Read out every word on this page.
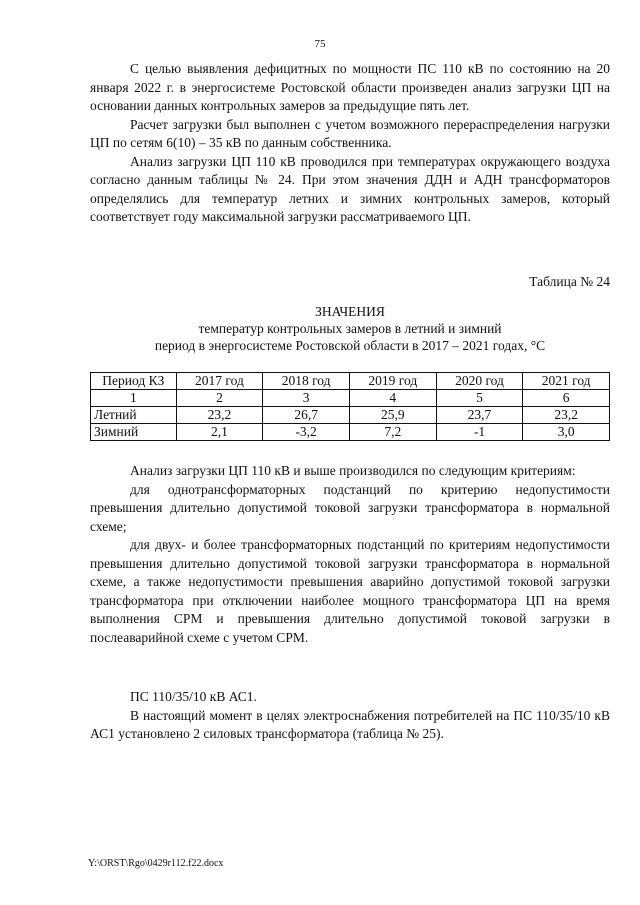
75

С целью выявления дефицитных по мощности ПС 110 кВ по состоянию на 20 января 2022 г. в энергосистеме Ростовской области произведен анализ загрузки ЦП на основании данных контрольных замеров за предыдущие пять лет.

Расчет загрузки был выполнен с учетом возможного перераспределения нагрузки ЦП по сетям 6(10) – 35 кВ по данным собственника.

Анализ загрузки ЦП 110 кВ проводился при температурах окружающего воздуха согласно данным таблицы № 24. При этом значения ДДН и АДН трансформаторов определялись для температур летних и зимних контрольных замеров, который соответствует году максимальной загрузки рассматриваемого ЦП.

Таблица № 24
ЗНАЧЕНИЯ
температур контрольных замеров в летний и зимний
период в энергосистеме Ростовской области в 2017 – 2021 годах, °С
Период КЗ	2017 год	2018 год	2019 год	2020 год	2021 год
1	2	3	4	5	6
Летний	23,2	26,7	25,9	23,7	23,2
Зимний	2,1	-3,2	7,2	-1	3,0

Анализ загрузки ЦП 110 кВ и выше производился по следующим критериям:

для однотрансформаторных подстанций по критерию недопустимости превышения длительно допустимой токовой загрузки трансформатора в нормальной схеме;

для двух- и более трансформаторных подстанций по критериям недопустимости превышения длительно допустимой токовой загрузки трансформатора в нормальной схеме, а также недопустимости превышения аварийно допустимой токовой загрузки трансформатора при отключении наиболее мощного трансформатора ЦП на время выполнения СРМ и превышения длительно допустимой токовой загрузки в послеаварийной схеме с учетом СРМ.

ПС 110/35/10 кВ АС1.

В настоящий момент в целях электроснабжения потребителей на ПС 110/35/10 кВ АС1 установлено 2 силовых трансформатора (таблица № 25).

Y:\ORST\Rgo\0429r112.f22.docx
